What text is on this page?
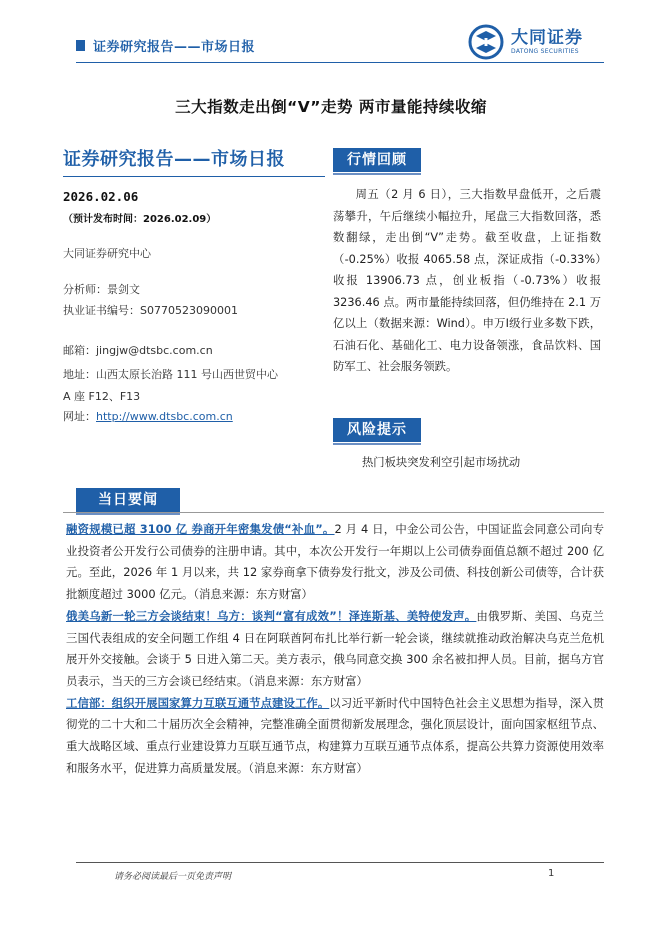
证券研究报告——市场日报	大同证券
DATONG SECURITIES
三大指数走出倒“V”走势 两市量能持续收缩
证券研究报告——市场日报
2026.02.06
（预计发布时间：2026.02.09）
大同证券研究中心
分析师：景剑文
执业证书编号：S0770523090001
邮箱：jingjw@dtsbc.com.cn
地址：山西太原长治路 111 号山西世贸中心
A 座 F12、F13
网址：http://www.dtsbc.com.cn
行情回顾
周五（2 月 6 日），三大指数早盘低开，之后震荡攀升，午后继续小幅拉升，尾盘三大指数回落，悉数翻绿，走出倒“V”走势。截至收盘，上证指数（-0.25%）收报 4065.58 点，深证成指（-0.33%）收报 13906.73 点，创业板指（-0.73%）收报 3236.46 点。两市量能持续回落，但仍维持在 2.1 万亿以上（数据来源：Wind）。申万Ⅰ级行业多数下跌，石油石化、基础化工、电力设备领涨，食品饮料、国防军工、社会服务领跌。
风险提示
热门板块突发利空引起市场扰动
当日要闻

融资规模已超 3100 亿 券商开年密集发债“补血”。2 月 4 日，中金公司公告，中国证监会同意公司向专业投资者公开发行公司债券的注册申请。其中，本次公开发行一年期以上公司债券面值总额不超过 200 亿元。至此，2026 年 1 月以来，共 12 家券商拿下债券发行批文，涉及公司债、科技创新公司债等，合计获批额度超过 3000 亿元。（消息来源：东方财富）

俄美乌新一轮三方会谈结束！乌方：谈判“富有成效”！泽连斯基、美特使发声。由俄罗斯、美国、乌克兰三国代表组成的安全问题工作组 4 日在阿联酋阿布扎比举行新一轮会谈，继续就推动政治解决乌克兰危机展开外交接触。会谈于 5 日进入第二天。美方表示，俄乌同意交换 300 余名被扣押人员。目前，据乌方官员表示，当天的三方会谈已经结束。（消息来源：东方财富）

工信部：组织开展国家算力互联互通节点建设工作。以习近平新时代中国特色社会主义思想为指导，深入贯彻党的二十大和二十届历次全会精神，完整准确全面贯彻新发展理念，强化顶层设计，面向国家枢纽节点、重大战略区域、重点行业建设算力互联互通节点，构建算力互联互通节点体系，提高公共算力资源使用效率和服务水平，促进算力高质量发展。（消息来源：东方财富）

请务必阅读最后一页免责声明	1
